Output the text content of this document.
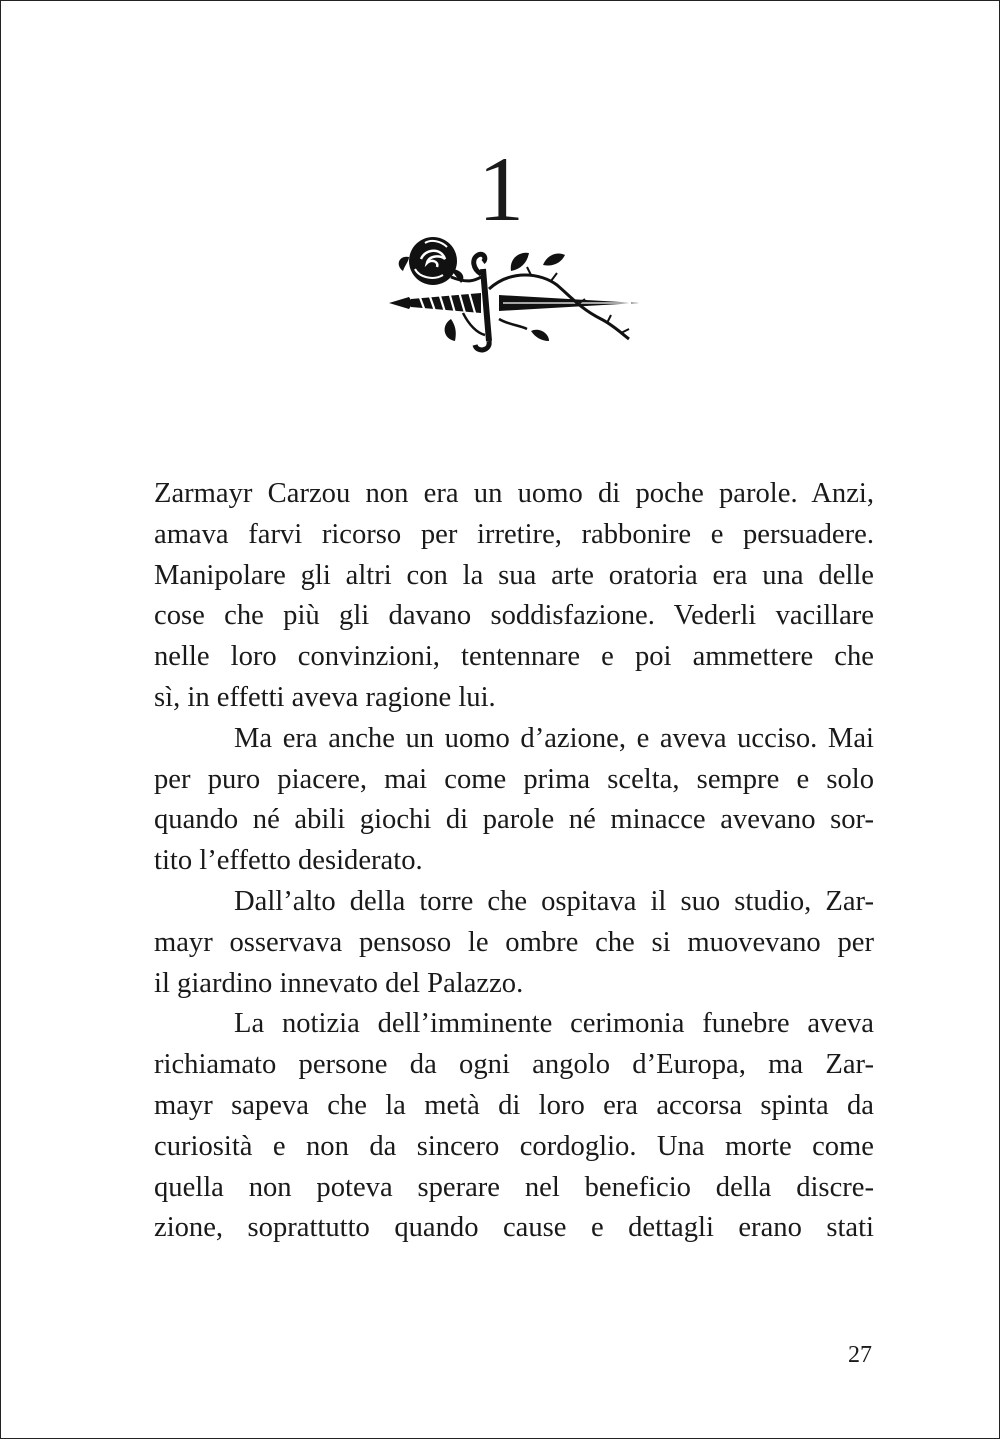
1
Zarmayr Carzou non era un uomo di poche parole. Anzi,
amava farvi ricorso per irretire, rabbonire e persuadere.
Manipolare gli altri con la sua arte oratoria era una delle
cose che più gli davano soddisfazione. Vederli vacillare
nelle loro convinzioni, tentennare e poi ammettere che
sì, in effetti aveva ragione lui.
Ma era anche un uomo d’azione, e aveva ucciso. Mai
per puro piacere, mai come prima scelta, sempre e solo
quando né abili giochi di parole né minacce avevano sor-
tito l’effetto desiderato.
Dall’alto della torre che ospitava il suo studio, Zar-
mayr osservava pensoso le ombre che si muovevano per
il giardino innevato del Palazzo.
La notizia dell’imminente cerimonia funebre aveva
richiamato persone da ogni angolo d’Europa, ma Zar-
mayr sapeva che la metà di loro era accorsa spinta da
curiosità e non da sincero cordoglio. Una morte come
quella non poteva sperare nel beneficio della discre-
zione, soprattutto quando cause e dettagli erano stati
27
